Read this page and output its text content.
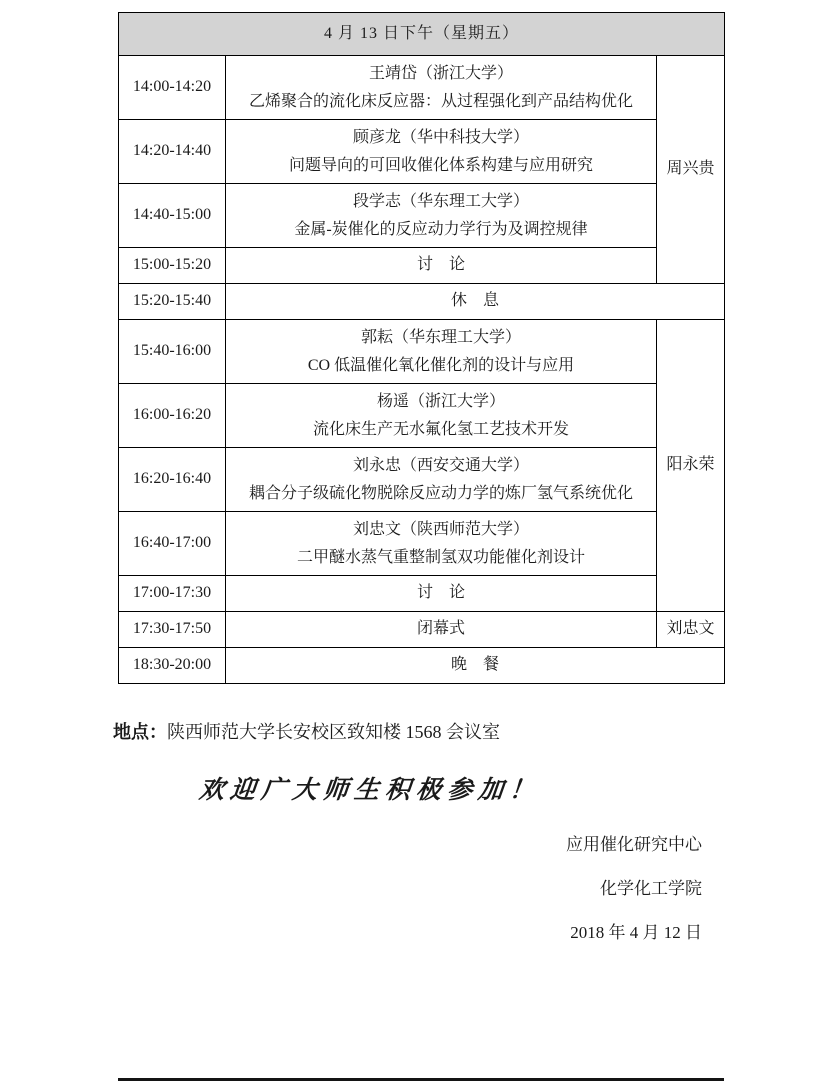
4 月 13 日下午（星期五）		
14:00-14:20	王靖岱（浙江大学）
乙烯聚合的流化床反应器：从过程强化到产品结构优化	周兴贵
14:20-14:40	顾彦龙（华中科技大学）
问题导向的可回收催化体系构建与应用研究	

14:40-15:00	段学志（华东理工大学）
金属-炭催化的反应动力学行为及调控规律	

15:00-15:20	讨　论	
15:20-15:40	休　息	
15:40-16:00	郭耘（华东理工大学）
CO 低温催化氧化催化剂的设计与应用	阳永荣
16:00-16:20	杨遥（浙江大学）
流化床生产无水氟化氢工艺技术开发	

16:20-16:40	刘永忠（西安交通大学）
耦合分子级硫化物脱除反应动力学的炼厂氢气系统优化	

16:40-17:00	刘忠文（陕西师范大学）
二甲醚水蒸气重整制氢双功能催化剂设计	

17:00-17:30	讨　论	
17:30-17:50	闭幕式	刘忠文
18:30-20:00	晚　餐	
地点：陕西师范大学长安校区致知楼 1568 会议室
欢迎广大师生积极参加！
应用催化研究中心
化学化工学院
2018 年 4 月 12 日
